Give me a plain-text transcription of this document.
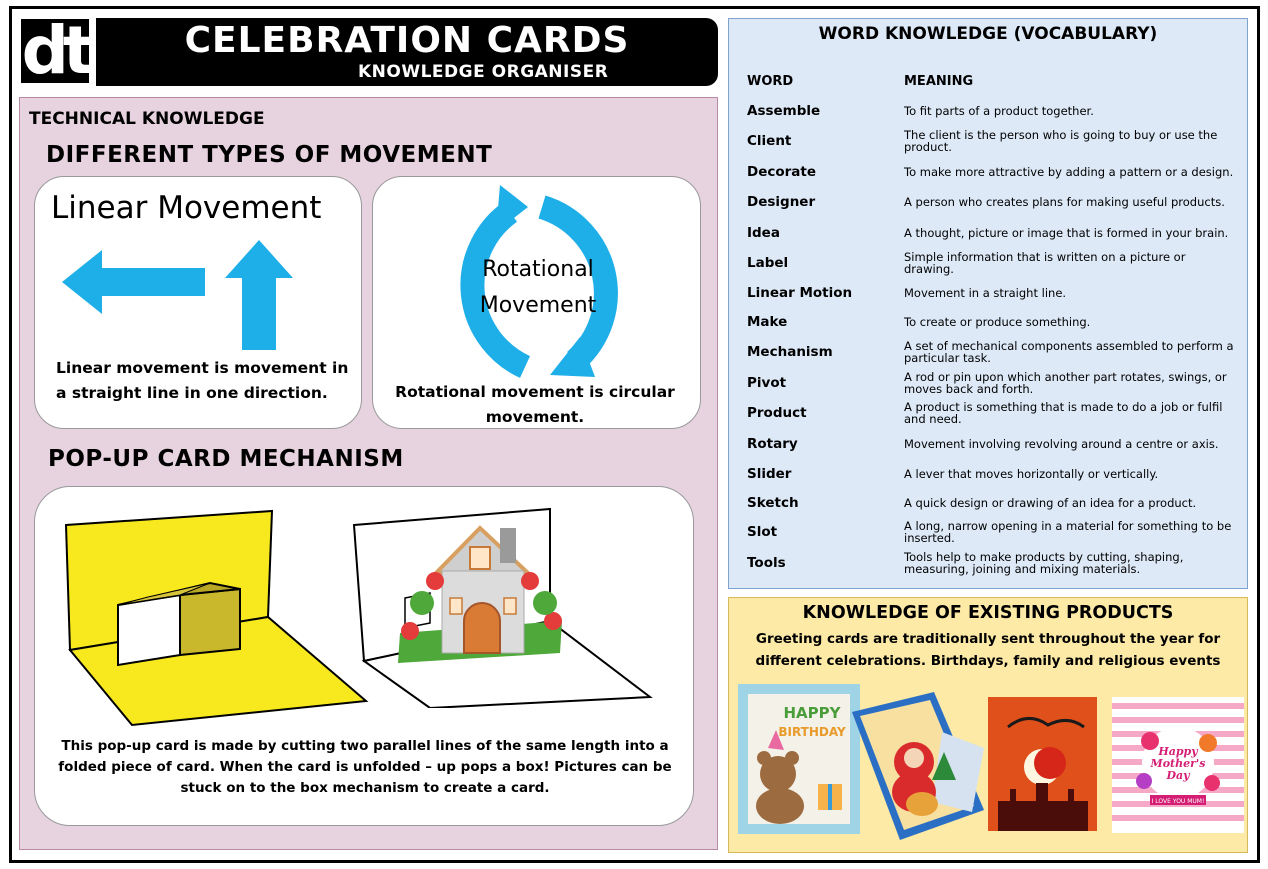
dt	CELEBRATION CARDS
KNOWLEDGE ORGANISER
TECHNICAL KNOWLEDGE
DIFFERENT TYPES OF MOVEMENT
Linear Movement
Linear movement is movement in a straight line in one direction.
Rotational
Movement
Rotational movement is circular movement.
POP-UP CARD MECHANISM
This pop-up card is made by cutting two parallel lines of the same length into a folded piece of card. When the card is unfolded – up pops a box! Pictures can be stuck on to the box mechanism to create a card.
WORD KNOWLEDGE (VOCABULARY)
WORD	MEANING
Assemble	To fit parts of a product together.
Client	The client is the person who is going to buy or use the product.
Decorate	To make more attractive by adding a pattern or a design.
Designer	A person who creates plans for making useful products.
Idea	A thought, picture or image that is formed in your brain.
Label	Simple information that is written on a picture or drawing.
Linear Motion	Movement in a straight line.
Make	To create or produce something.
Mechanism	A set of mechanical components assembled to perform a particular task.
Pivot	A rod or pin upon which another part rotates, swings, or moves back and forth.
Product	A product is something that is made to do a job or fulfil and need.
Rotary	Movement involving revolving around a centre or axis.
Slider	A lever that moves horizontally or vertically.
Sketch	A quick design or drawing of an idea for a product.
Slot	A long, narrow opening in a material for something to be inserted.
Tools	Tools help to make products by cutting, shaping, measuring, joining and mixing materials.
KNOWLEDGE OF EXISTING PRODUCTS
Greeting cards are traditionally sent throughout the year for different celebrations. Birthdays, family and religious events
HAPPY
BIRTHDAY
Happy
Mother's
Day
I LOVE YOU MUM!
